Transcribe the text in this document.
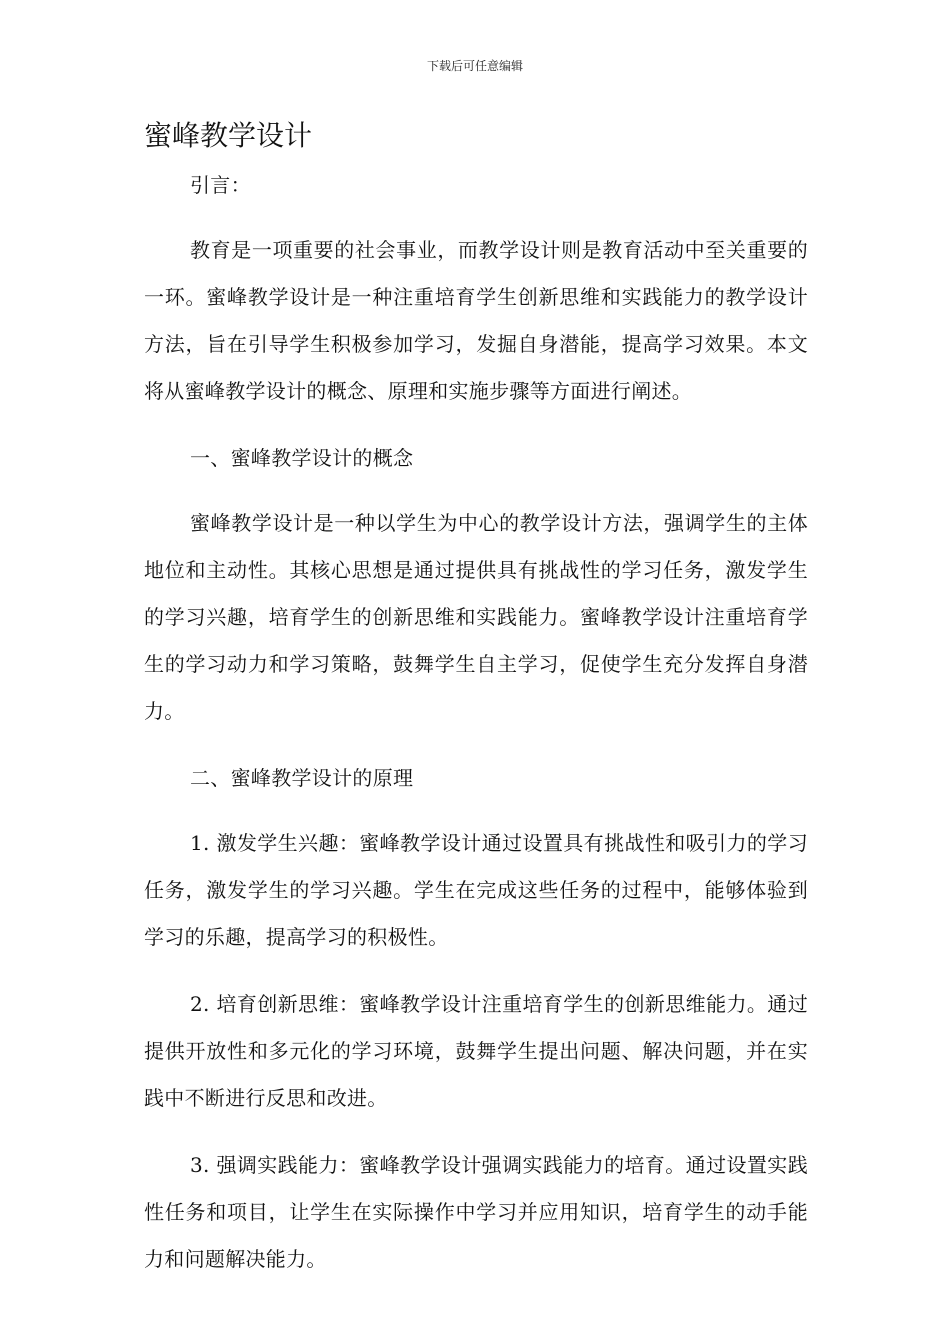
下载后可任意编辑
蜜峰教学设计

引言：

教育是一项重要的社会事业，而教学设计则是教育活动中至关重要的一环。蜜峰教学设计是一种注重培育学生创新思维和实践能力的教学设计方法，旨在引导学生积极参加学习，发掘自身潜能，提高学习效果。本文将从蜜峰教学设计的概念、原理和实施步骤等方面进行阐述。

一、蜜峰教学设计的概念

蜜峰教学设计是一种以学生为中心的教学设计方法，强调学生的主体地位和主动性。其核心思想是通过提供具有挑战性的学习任务，激发学生的学习兴趣，培育学生的创新思维和实践能力。蜜峰教学设计注重培育学生的学习动力和学习策略，鼓舞学生自主学习，促使学生充分发挥自身潜力。

二、蜜峰教学设计的原理

1. 激发学生兴趣：蜜峰教学设计通过设置具有挑战性和吸引力的学习任务，激发学生的学习兴趣。学生在完成这些任务的过程中，能够体验到学习的乐趣，提高学习的积极性。

2. 培育创新思维：蜜峰教学设计注重培育学生的创新思维能力。通过提供开放性和多元化的学习环境，鼓舞学生提出问题、解决问题，并在实践中不断进行反思和改进。

3. 强调实践能力：蜜峰教学设计强调实践能力的培育。通过设置实践性任务和项目，让学生在实际操作中学习并应用知识，培育学生的动手能力和问题解决能力。
